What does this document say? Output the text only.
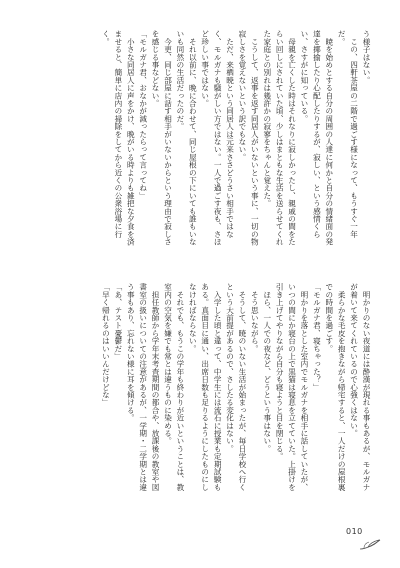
う様子はない。

　この、四軒茶屋の二階で過ごす様になって、もうすぐ一年だ。

　暁を始めとする自分の周囲の人達に何かと自分の情緒面の発達を揶揄したり心配したりするが、寂しい、という感情くらい、さすがに知っている。

　母親を亡くした時はそれなりに寂しかったし、親戚の間をたらい回しにされていた頃、少しはまともな生活を送らせてくれた家庭との別れは幾許かの寂寥をちゃんと覚えた。

　こうして、返事を返す同居人がいないという事に、一切の物寂しさを覚えないという訳でもない。

　ただ、来栖暁という同居人は元来ささどうさい相手ではなく、モルガナも騒がしい方ではない。一人で過ごす夜も、さほど珍しい事ではない。

　それ以前に、晩に合わせて、同じ屋根の下にいても誰もいないも同然の生活だったのだ。

　今更、同じ部屋に話す相手がいないからという理由で寂しさを感じる事などない。

「モルガナ君、おなかが減ったらって言ってね」

　小さな同居人に声をかけ、晩がいる時よりも雑把な夕食を済ませると、簡単に店内の掃除をしてから近くの公衆浴場に行く。

　明かりのない夜道には酔漢が現れる事もあるが、モルガナが着いて来てくれているので心強くはない。

　柔らかな毛皮を抱きながら帰宅すると、一人だけの屋根裏での時間を過ごす。

「モルガナ君、寝ちゃった？」

　明かりを落とした室内でモルガナを相手に話していたが、いつの間にか寝台の上で黒猫は寝息を立てていた。上掛けを引き上げてやりながら自分も寝ようと目を閉じる。

　ほら、一人での夜など、どうという事はない。

　そう思いながら。

　そうして、暁のいない生活が始まったが、毎日学校へ行くという大前提があるので、さしたる変化はない。

　入学した頃と違って、中学生には流石に授業も定期試験もある。真面目に通い、出席日数も足りるようにしたものにしなければならない。

　それでも、もうこの学年も終わりが近いということは、教室内の空気を嫌でも常とは違うものに染める。

　担任教師から学年末考査期間の都合や、放課後の教室や図書室の扱いについての注意があるが、一学期・二学期とは違う事もあり、忘れない様に耳を傾ける。

「あ、テスト憂鬱だ」

「早く帰れるのはいいんだけどな」

010
